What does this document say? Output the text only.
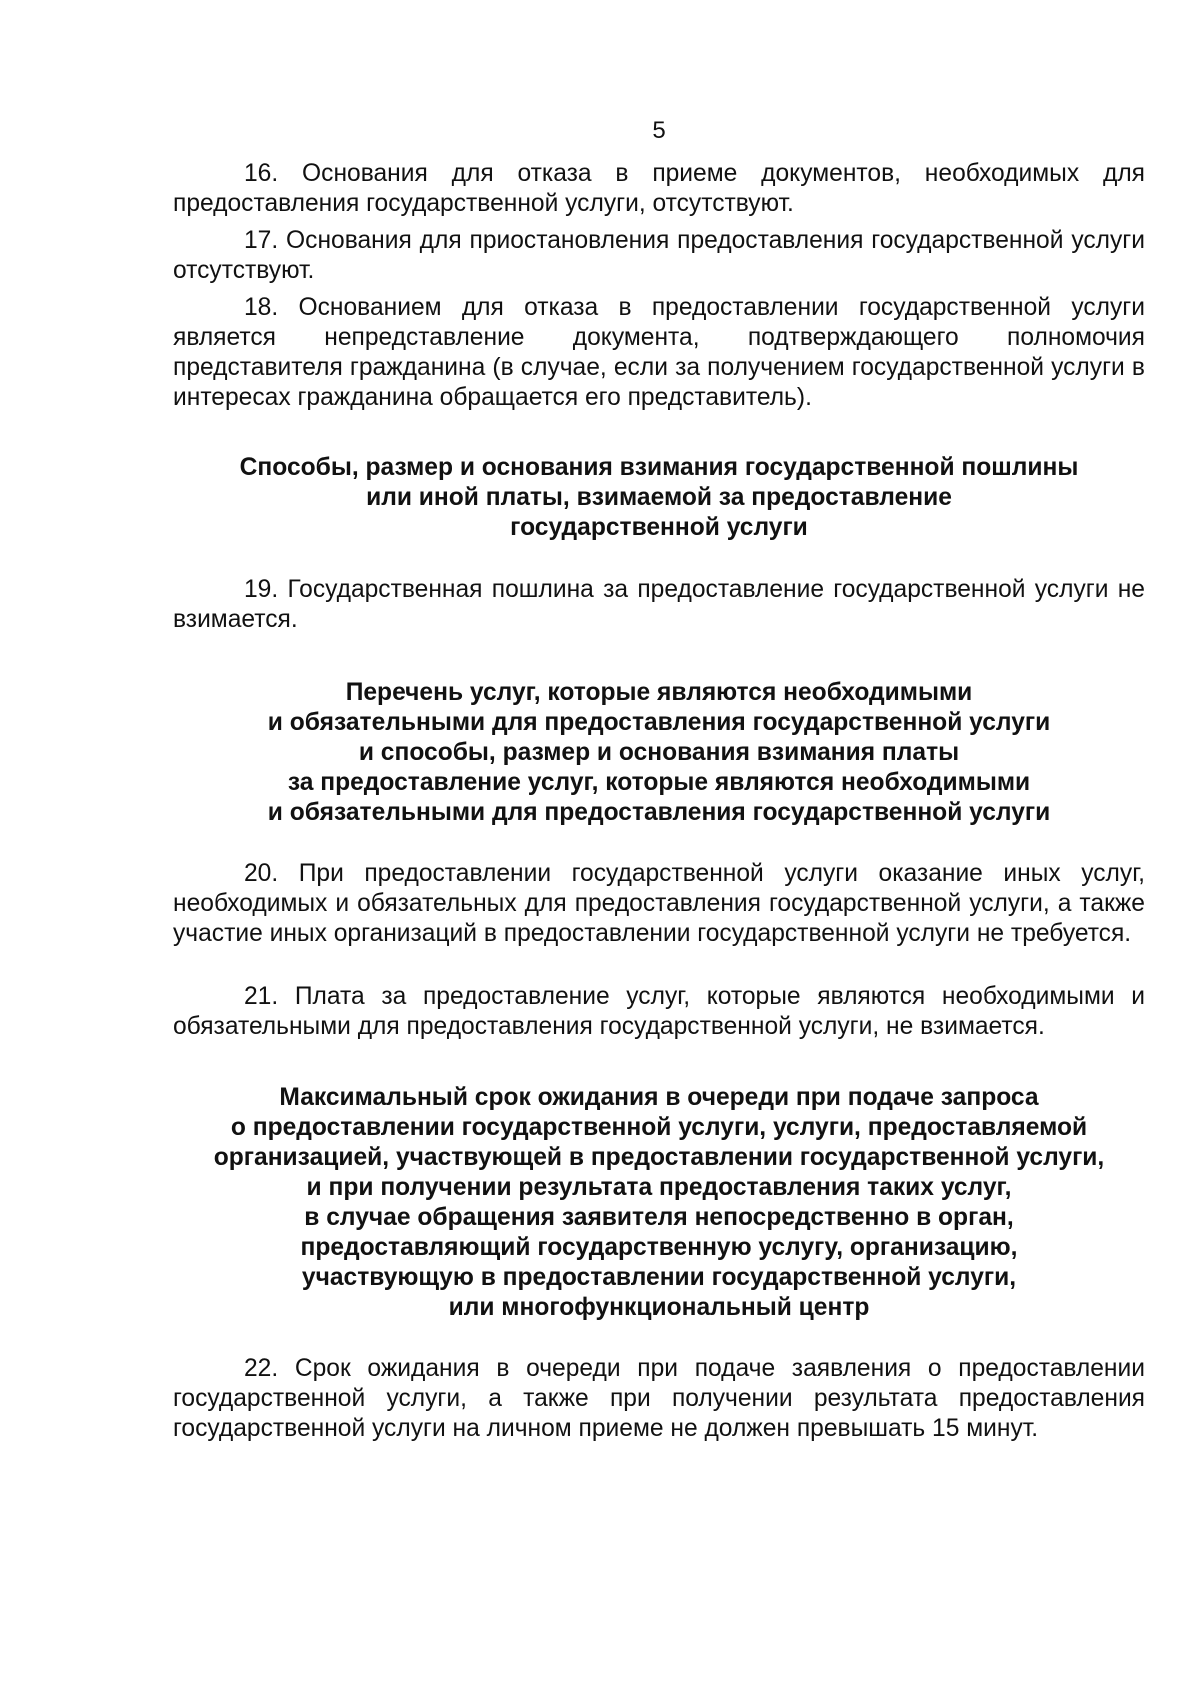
5

16. Основания для отказа в приеме документов, необходимых для предоставления государственной услуги, отсутствуют.

17. Основания для приостановления предоставления государственной услуги отсутствуют.

18. Основанием для отказа в предоставлении государственной услуги является непредставление документа, подтверждающего полномочия представителя гражданина (в случае, если за получением государственной услуги в интересах гражданина обращается его представитель).

Способы, размер и основания взимания государственной пошлины
или иной платы, взимаемой за предоставление
государственной услуги

19. Государственная пошлина за предоставление государственной услуги не взимается.

Перечень услуг, которые являются необходимыми
и обязательными для предоставления государственной услуги
и способы, размер и основания взимания платы
за предоставление услуг, которые являются необходимыми
и обязательными для предоставления государственной услуги

20. При предоставлении государственной услуги оказание иных услуг, необходимых и обязательных для предоставления государственной услуги, а также участие иных организаций в предоставлении государственной услуги не требуется.

21. Плата за предоставление услуг, которые являются необходимыми и обязательными для предоставления государственной услуги, не взимается.

Максимальный срок ожидания в очереди при подаче запроса
о предоставлении государственной услуги, услуги, предоставляемой
организацией, участвующей в предоставлении государственной услуги,
и при получении результата предоставления таких услуг,
в случае обращения заявителя непосредственно в орган,
предоставляющий государственную услугу, организацию,
участвующую в предоставлении государственной услуги,
или многофункциональный центр

22. Срок ожидания в очереди при подаче заявления о предоставлении государственной услуги, а также при получении результата предоставления государственной услуги на личном приеме не должен превышать 15 минут.
